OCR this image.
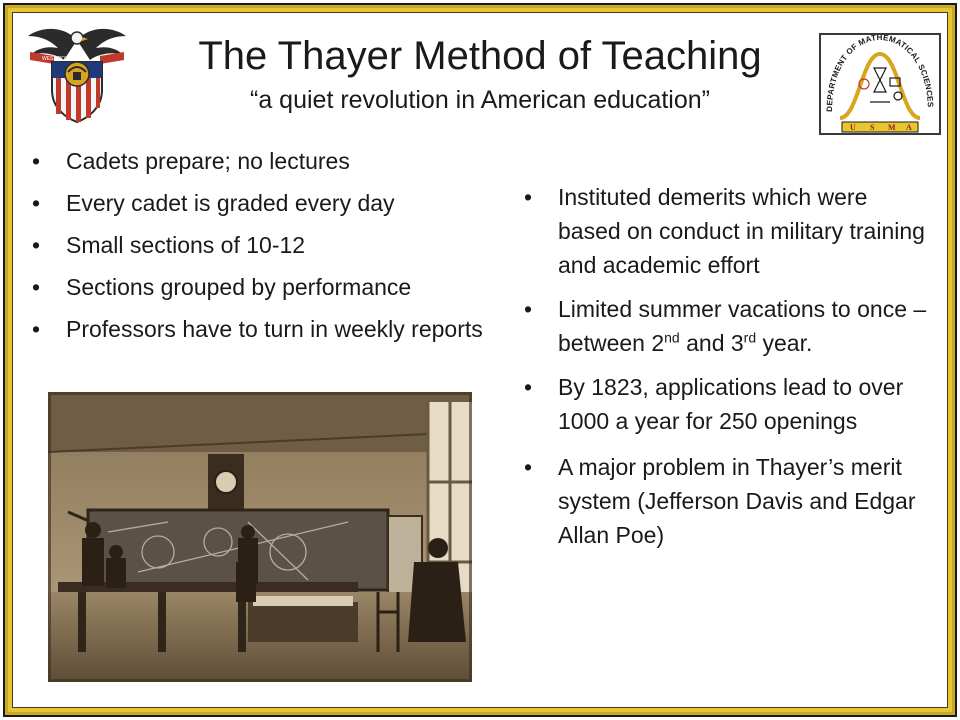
WEST POINT	The Thayer Method of Teaching
“a quiet revolution in American education”	DEPARTMENT OF MATHEMATICAL SCIENCES
U S M A
• Cadets prepare; no lectures
• Every cadet is graded every day
• Small sections of 10-12
• Sections grouped by performance
• Professors have to turn in weekly reports
• Instituted demerits which were based on conduct in military training and academic effort
• Limited summer vacations to once – between 2nd and 3rd year.
• By 1823, applications lead to over 1000 a year for 250 openings
• A major problem in Thayer’s merit system (Jefferson Davis and Edgar Allan Poe)
